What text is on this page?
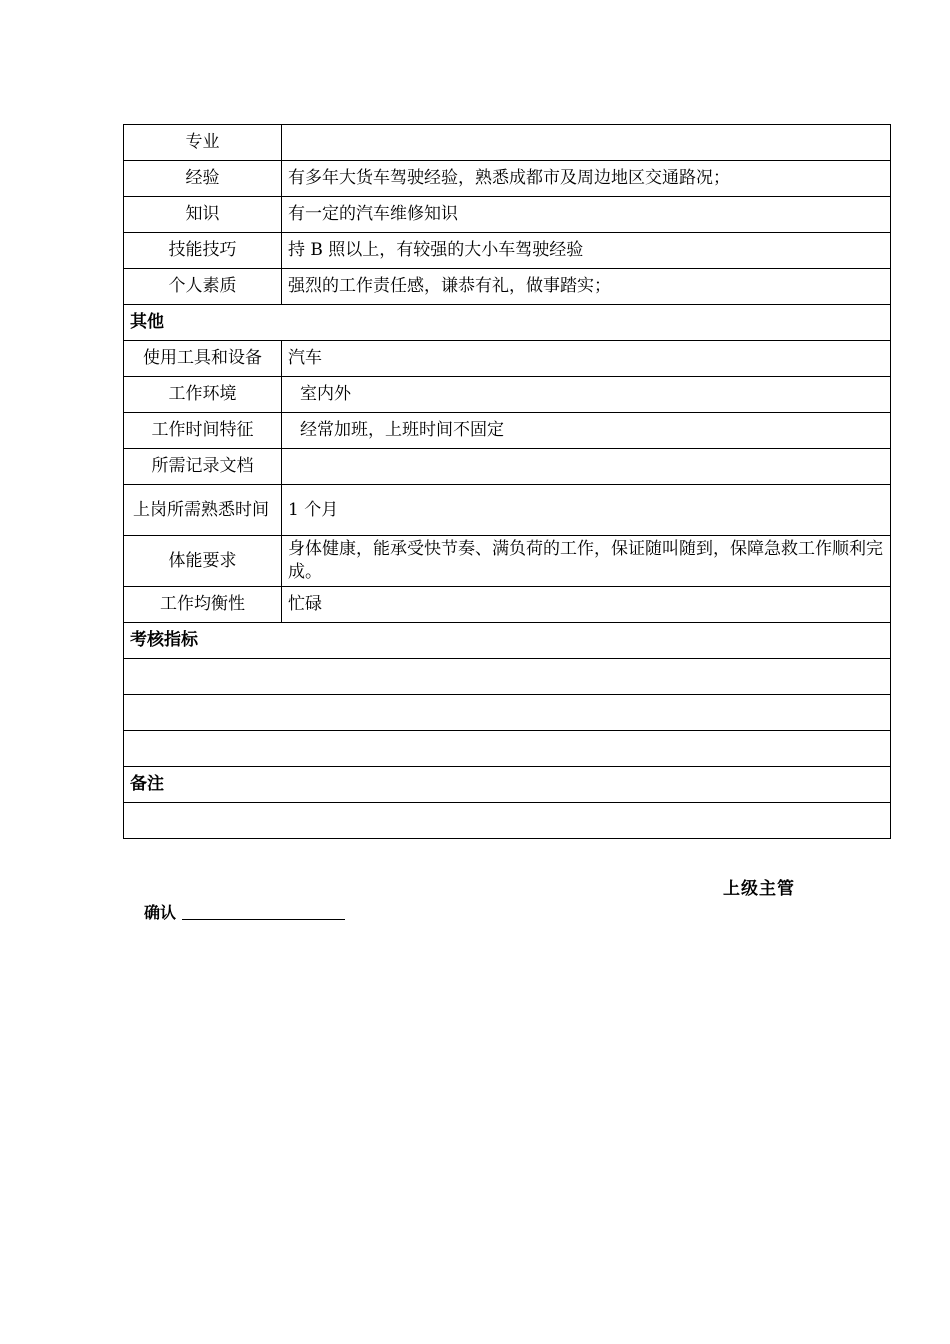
专业	
经验	有多年大货车驾驶经验，熟悉成都市及周边地区交通路况；
知识	有一定的汽车维修知识
技能技巧	持 B 照以上，有较强的大小车驾驶经验
个人素质	强烈的工作责任感，谦恭有礼，做事踏实；
其他	
使用工具和设备	汽车
工作环境	室内外
工作时间特征	经常加班，上班时间不固定
所需记录文档	
上岗所需熟悉时间	1 个月
体能要求	身体健康，能承受快节奏、满负荷的工作，保证随叫随到，保障急救工作顺利完成。
工作均衡性	忙碌
考核指标	

备注	

上级主管
确认
